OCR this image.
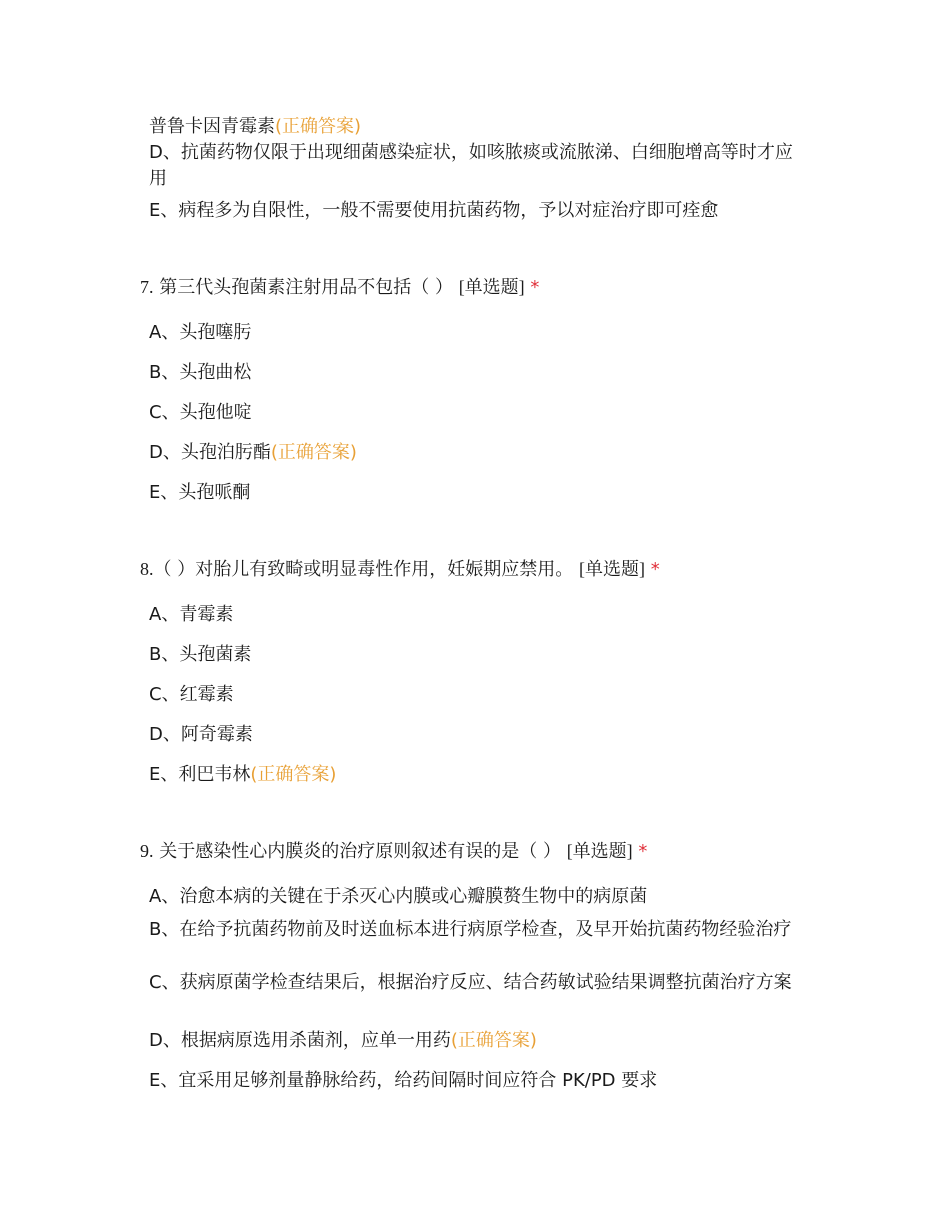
普鲁卡因青霉素(正确答案)
D、抗菌药物仅限于出现细菌感染症状，如咳脓痰或流脓涕、白细胞增高等时才应用
E、病程多为自限性，一般不需要使用抗菌药物，予以对症治疗即可痊愈
7. 第三代头孢菌素注射用品不包括（ ） [单选题] *
A、头孢噻肟
B、头孢曲松
C、头孢他啶
D、头孢泊肟酯(正确答案)
E、头孢哌酮
8.（ ）对胎儿有致畸或明显毒性作用，妊娠期应禁用。 [单选题] *
A、青霉素
B、头孢菌素
C、红霉素
D、阿奇霉素
E、利巴韦林(正确答案)
9. 关于感染性心内膜炎的治疗原则叙述有误的是（ ） [单选题] *
A、治愈本病的关键在于杀灭心内膜或心瓣膜赘生物中的病原菌
B、在给予抗菌药物前及时送血标本进行病原学检查，及早开始抗菌药物经验治疗
C、获病原菌学检查结果后，根据治疗反应、结合药敏试验结果调整抗菌治疗方案
D、根据病原选用杀菌剂，应单一用药(正确答案)
E、宜采用足够剂量静脉给药，给药间隔时间应符合 PK/PD 要求
